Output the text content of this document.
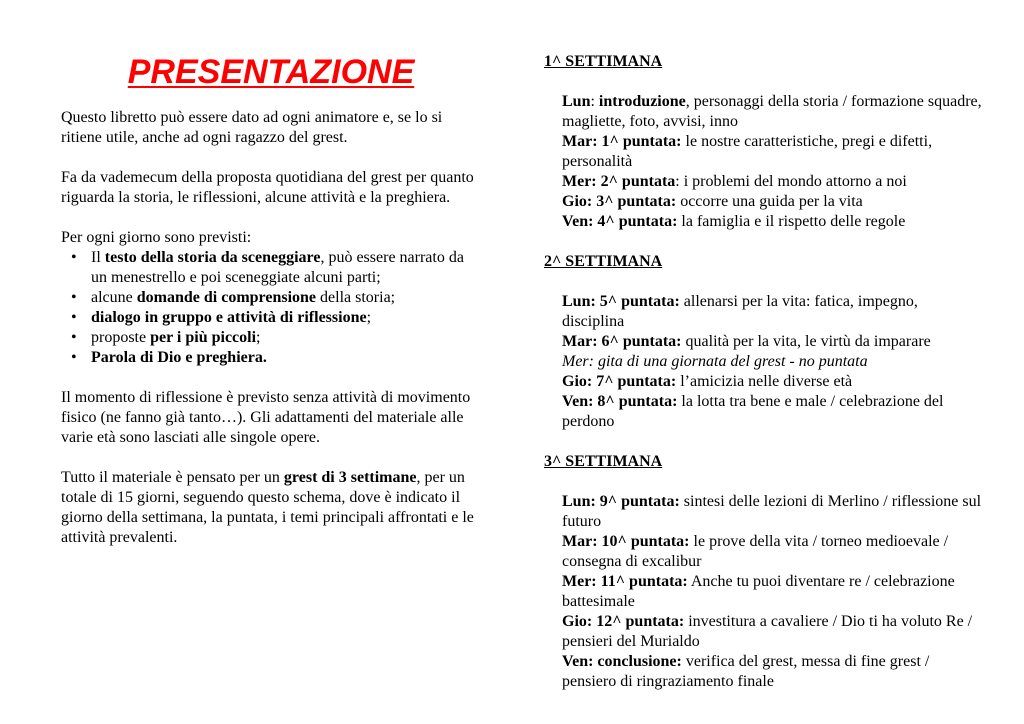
PRESENTAZIONE

Questo libretto può essere dato ad ogni animatore e, se lo si ritiene utile, anche ad ogni ragazzo del grest.

Fa da vademecum della proposta quotidiana del grest per quanto riguarda la storia, le riflessioni, alcune attività e la preghiera.

Per ogni giorno sono previsti:

• Il testo della storia da sceneggiare, può essere narrato da un menestrello e poi sceneggiate alcuni parti;
• alcune domande di comprensione della storia;
• dialogo in gruppo e attività di riflessione;
• proposte per i più piccoli;
• Parola di Dio e preghiera.

Il momento di riflessione è previsto senza attività di movimento fisico (ne fanno già tanto…). Gli adattamenti del materiale alle varie età sono lasciati alle singole opere.

Tutto il materiale è pensato per un grest di 3 settimane, per un totale di 15 giorni, seguendo questo schema, dove è indicato il giorno della settimana, la puntata, i temi principali affrontati e le attività prevalenti.

1^ SETTIMANA
Lun: introduzione, personaggi della storia / formazione squadre, magliette, foto, avvisi, inno
Mar: 1^ puntata: le nostre caratteristiche, pregi e difetti, personalità
Mer: 2^ puntata: i problemi del mondo attorno a noi
Gio: 3^ puntata: occorre una guida per la vita
Ven: 4^ puntata: la famiglia e il rispetto delle regole
2^ SETTIMANA
Lun: 5^ puntata: allenarsi per la vita: fatica, impegno, disciplina
Mar: 6^ puntata: qualità per la vita, le virtù da imparare
Mer: gita di una giornata del grest - no puntata
Gio: 7^ puntata: l’amicizia nelle diverse età
Ven: 8^ puntata: la lotta tra bene e male / celebrazione del perdono
3^ SETTIMANA
Lun: 9^ puntata: sintesi delle lezioni di Merlino / riflessione sul futuro
Mar: 10^ puntata: le prove della vita / torneo medioevale / consegna di excalibur
Mer: 11^ puntata: Anche tu puoi diventare re / celebrazione battesimale
Gio: 12^ puntata: investitura a cavaliere / Dio ti ha voluto Re / pensieri del Murialdo
Ven: conclusione: verifica del grest, messa di fine grest / pensiero di ringraziamento finale
